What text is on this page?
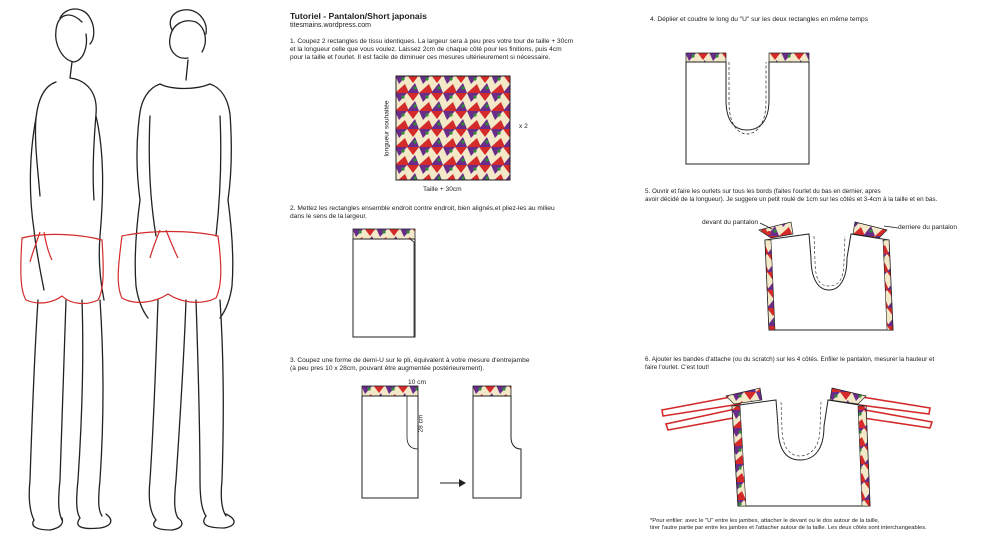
Tutoriel - Pantalon/Short japonais
titesmains.wordpress.com
1. Coupez 2 rectangles de tissu identiques. La largeur sera à peu pres votre tour de taille + 30cm
et la longueur celle que vous voulez. Laissez 2cm de chaque côté pour les finitions, puis 4cm
pour la taille et l'ourlet. Il est facile de diminuer ces mesures ultérieurement si nécessaire.
longueur souhaitée	x 2
Taille + 30cm
2. Mettez les rectangles ensemble endroit contre endroit, bien alignés,et pliez-les au milieu
dans le sens de la largeur.
3. Coupez une forme de demi-U sur le pli, équivalent à votre mesure d'entrejambe
(à peu pres 10 x 28cm, pouvant être augmentée postérieurement).
10 cm
28 cm
4. Déplier et coudre le long du "U" sur les deux rectangles en même temps
5. Ouvrir et faire les ourlets sur tous les bords (faites l'ourlet du bas en dernier, apres
avoir décidé de la longueur). Je suggere un petit roulé de 1cm sur les côtés et 3-4cm à la taille et en bas.
devant du pantalon
derriere du pantalon
6. Ajouter les bandes d'attache (ou du scratch) sur les 4 côtés. Enfiler le pantalon, mesurer la hauteur et
faire l'ourlet. C'est tout!
*Pour enfiler: avec le "U" entre les jambes, attacher le devant ou le dos autour de la taille,
tirer l'autre partie par entre les jambes et l'attacher autour de la taille. Les deux côtés sont interchangeables.
